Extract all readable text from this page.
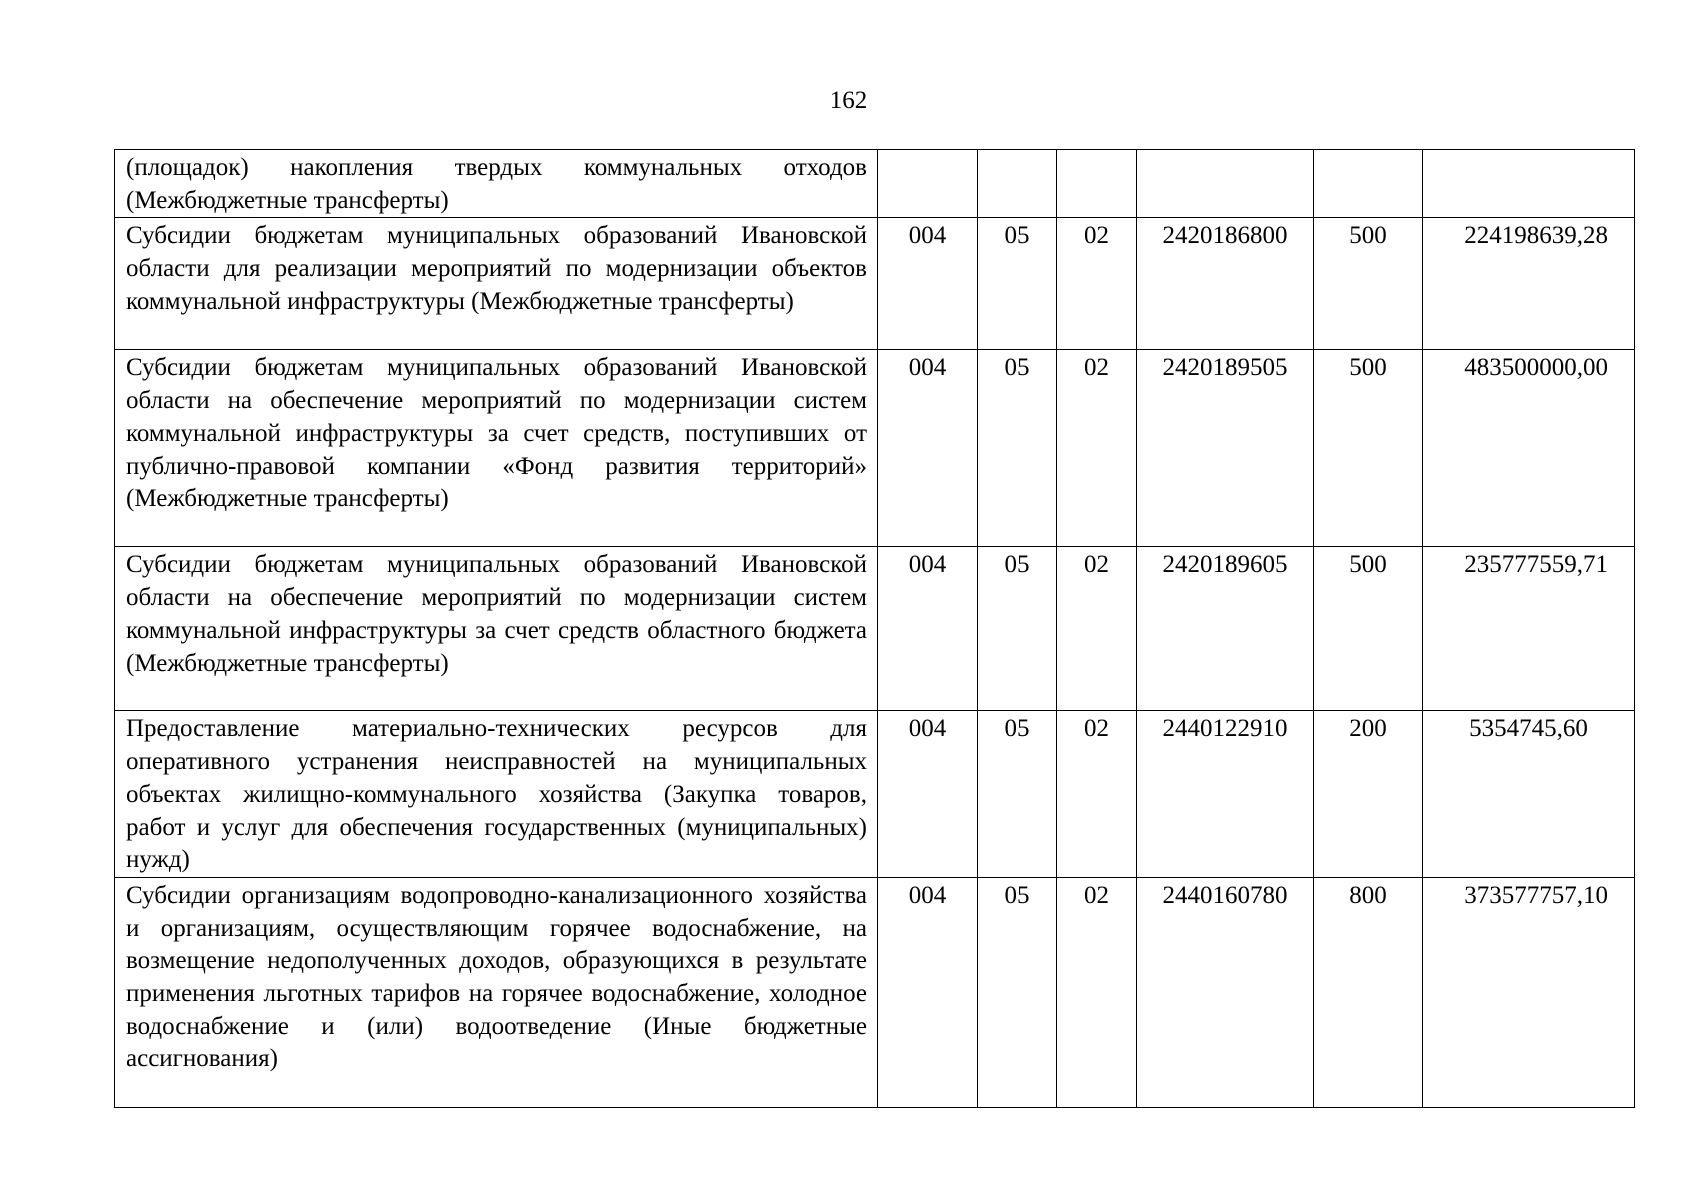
162
(площадок) накопления твердых коммунальных отходов (Межбюджетные трансферты)						
Субсидии бюджетам муниципальных образований Ивановской области для реализации мероприятий по модернизации объектов коммунальной инфраструктуры (Межбюджетные трансферты)	004	05	02	2420186800	500	224198639,28
Субсидии бюджетам муниципальных образований Ивановской области на обеспечение мероприятий по модернизации систем коммунальной инфраструктуры за счет средств, поступивших от публично-правовой компании «Фонд развития территорий» (Межбюджетные трансферты)	004	05	02	2420189505	500	483500000,00
Субсидии бюджетам муниципальных образований Ивановской области на обеспечение мероприятий по модернизации систем коммунальной инфраструктуры за счет средств областного бюджета (Межбюджетные трансферты)	004	05	02	2420189605	500	235777559,71
Предоставление материально-технических ресурсов для оперативного устранения неисправностей на муниципальных объектах жилищно-коммунального хозяйства (Закупка товаров, работ и услуг для обеспечения государственных (муниципальных) нужд)	004	05	02	2440122910	200	5354745,60
Субсидии организациям водопроводно-канализационного хозяйства и организациям, осуществляющим горячее водоснабжение, на возмещение недополученных доходов, образующихся в результате применения льготных тарифов на горячее водоснабжение, холодное водоснабжение и (или) водоотведение (Иные бюджетные ассигнования)	004	05	02	2440160780	800	373577757,10
